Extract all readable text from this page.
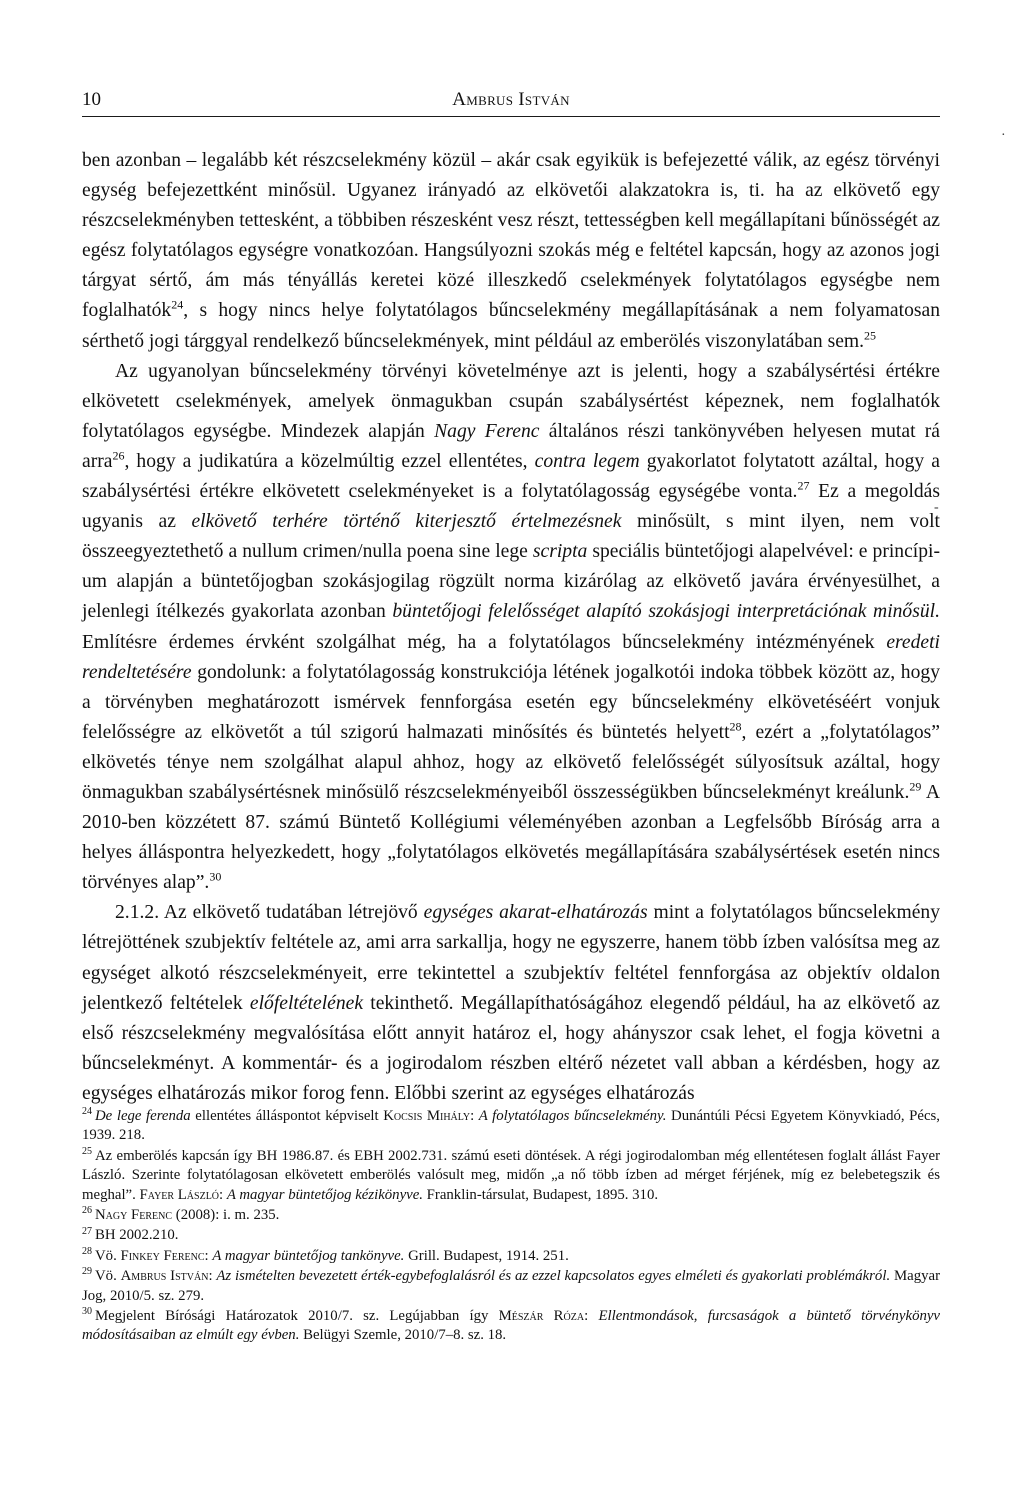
10	Ambrus István
·
-

ben azonban – legalább két részcselekmény közül – akár csak egyikük is befejezetté válik, az egész törvényi egység befejezettként minősül. Ugyanez irányadó az elkövetői alakzatokra is, ti. ha az elkövető egy részcselekményben tettesként, a többiben részesként vesz részt, tettességben kell megállapítani bűnösségét az egész folytatólagos egységre vonatkozóan. Hangsúlyozni szokás még e feltétel kapcsán, hogy az azonos jogi tárgyat sértő, ám más tényállás keretei közé illeszkedő cselekmények folytatólagos egységbe nem foglalhatók$^{24}$, s hogy nincs helye folytatólagos bűncselekmény megállapításának a nem folyamatosan sérthető jogi tárggyal rendelkező bűncselekmények, mint például az emberölés viszonylatában sem.$^{25}$

Az ugyanolyan bűncselekmény törvényi követelménye azt is jelenti, hogy a szabálysértési értékre elkövetett cselekmények, amelyek önmagukban csupán szabálysértést képeznek, nem foglalhatók folytatólagos egységbe. Mindezek alapján Nagy Ferenc általános részi tankönyvében helyesen mutat rá arra$^{26}$, hogy a judikatúra a közelmúltig ezzel ellentétes, contra legem gyakorlatot folytatott azáltal, hogy a szabálysértési értékre elkövetett cselekményeket is a folytatólagosság egységébe vonta.$^{27}$ Ez a megoldás ugyanis az elkövető terhére történő kiterjesztő értelmezésnek minősült, s mint ilyen, nem volt összeegyeztethető a nullum crimen/nulla poena sine lege scripta speciális büntetőjogi alapelvével: e princípium alapján a büntetőjogban szokásjogilag rögzült norma kizárólag az elkövető javára érvényesülhet, a jelenlegi ítélkezés gyakorlata azonban büntetőjogi felelősséget alapító szokásjogi interpretációnak minősül. Említésre érdemes érvként szolgálhat még, ha a folytatólagos bűncselekmény intézményének eredeti rendeltetésére gondolunk: a folytatólagosság konstrukciója létének jogalkotói indoka többek között az, hogy a törvényben meghatározott ismérvek fennforgása esetén egy bűncselekmény elkövetéséért vonjuk felelősségre az elkövetőt a túl szigorú halmazati minősítés és büntetés helyett$^{28}$, ezért a „folytatólagos” elkövetés ténye nem szolgálhat alapul ahhoz, hogy az elkövető felelősségét súlyosítsuk azáltal, hogy önmagukban szabálysértésnek minősülő részcselekményeiből összességükben bűncselekményt kreálunk.$^{29}$ A 2010-ben közzétett 87. számú Büntető Kollégiumi véleményében azonban a Legfelsőbb Bíróság arra a helyes álláspontra helyezkedett, hogy „folytatólagos elkövetés megállapítására szabálysértések esetén nincs törvényes alap”.$^{30}$

2.1.2. Az elkövető tudatában létrejövő egységes akarat-elhatározás mint a folytatólagos bűncselekmény létrejöttének szubjektív feltétele az, ami arra sarkallja, hogy ne egyszerre, hanem több ízben valósítsa meg az egységet alkotó részcselekményeit, erre tekintettel a szubjektív feltétel fennforgása az objektív oldalon jelentkező feltételek előfeltételének tekinthető. Megállapíthatóságához elegendő például, ha az elkövető az első részcselekmény megvalósítása előtt annyit határoz el, hogy ahányszor csak lehet, el fogja követni a bűncselekményt. A kommentár- és a jogirodalom részben eltérő nézetet vall abban a kérdésben, hogy az egységes elhatározás mikor forog fenn. Előbbi szerint az egységes elhatározás

$^{24}$ De lege ferenda ellentétes álláspontot képviselt Kocsis Mihály: A folytatólagos bűncselekmény. Dunántúli Pécsi Egyetem Könyvkiadó, Pécs, 1939. 218.

$^{25}$ Az emberölés kapcsán így BH 1986.87. és EBH 2002.731. számú eseti döntések. A régi jogirodalomban még ellentétesen foglalt állást Fayer László. Szerinte folytatólagosan elkövetett emberölés valósult meg, midőn „a nő több ízben ad mérget férjének, míg ez belebetegszik és meghal”. Fayer László: A magyar büntetőjog kézikönyve. Franklin-társulat, Budapest, 1895. 310.

$^{26}$ Nagy Ferenc (2008): i. m. 235.

$^{27}$ BH 2002.210.

$^{28}$ Vö. Finkey Ferenc: A magyar büntetőjog tankönyve. Grill. Budapest, 1914. 251.

$^{29}$ Vö. Ambrus István: Az ismételten bevezetett érték-egybefoglalásról és az ezzel kapcsolatos egyes elméleti és gyakorlati problémákról. Magyar Jog, 2010/5. sz. 279.

$^{30}$ Megjelent Bírósági Határozatok 2010/7. sz. Legújabban így Mészár Róza: Ellentmondások, furcsaságok a büntető törvénykönyv módosításaiban az elmúlt egy évben. Belügyi Szemle, 2010/7–8. sz. 18.
